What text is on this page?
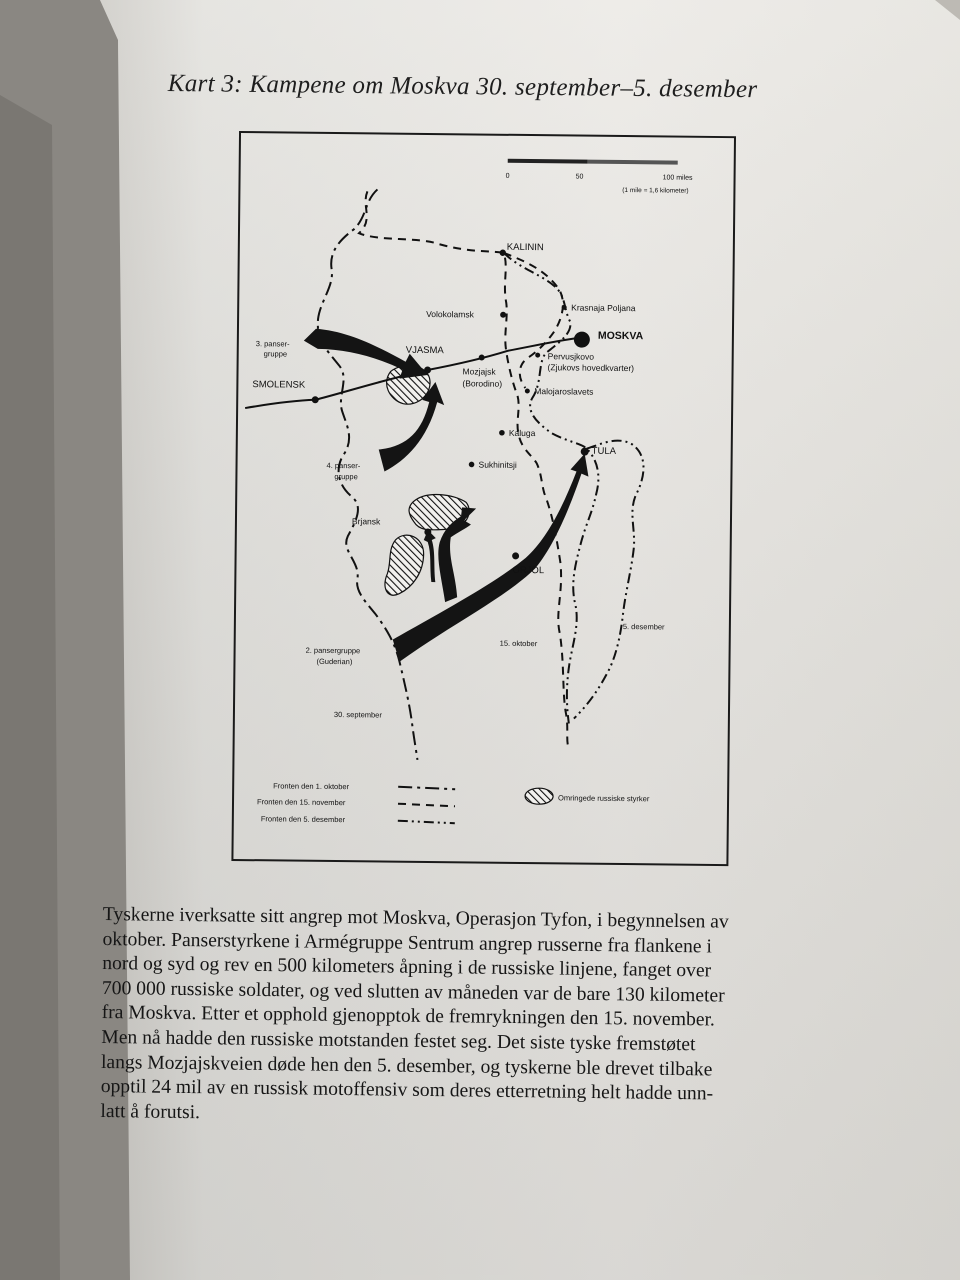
0	50	100 miles
(1 mile = 1,6 kilometer)
MOSKVA
KALININ
Volokolamsk
Krasnaja Poljana
VJASMA
Mozjajsk
(Borodino)
Pervusjkovo
(Zjukovs hovedkvarter)
Malojaroslavets
SMOLENSK
Kaluga
TULA
Sukhinitsji
Brjansk
ORJOL
3. panser-
gruppe
4. panser-
gruppe
2. pansergruppe
(Guderian)
30. september
15. oktober
5. desember
Fronten den 1. oktober
Fronten den 15. november
Fronten den 5. desember
Omringede russiske styrker
Kart 3: Kampene om Moskva 30. september–5. desember
Tyskerne iverksatte sitt angrep mot Moskva, Operasjon Tyfon, i begynnelsen av
oktober. Panserstyrkene i Armégruppe Sentrum angrep russerne fra flankene i
nord og syd og rev en 500 kilometers åpning i de russiske linjene, fanget over
700 000 russiske soldater, og ved slutten av måneden var de bare 130 kilometer
fra Moskva. Etter et opphold gjenopptok de fremrykningen den 15. november.
Men nå hadde den russiske motstanden festet seg. Det siste tyske fremstøtet
langs Mozjajskveien døde hen den 5. desember, og tyskerne ble drevet tilbake
opptil 24 mil av en russisk motoffensiv som deres etterretning helt hadde unn-
latt å forutsi.
